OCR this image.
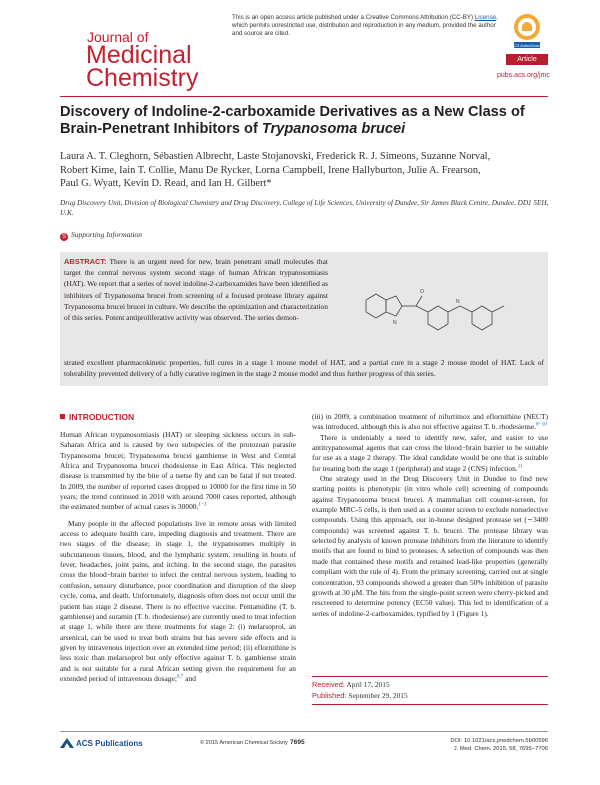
This is an open access article published under a Creative Commons Attribution (CC-BY) License, which permits unrestricted use, distribution and reproduction in any medium, provided the author and source are cited.
ACS AuthorChoice
Journal of
Medicinal
Chemistry
Article
pubs.acs.org/jmc
Discovery of Indoline-2-carboxamide Derivatives as a New Class of
Brain-Penetrant Inhibitors of Trypanosoma brucei
Laura A. T. Cleghorn, Sébastien Albrecht, Laste Stojanovski, Frederick R. J. Simeons, Suzanne Norval,
Robert Kime, Iain T. Collie, Manu De Rycker, Lorna Campbell, Irene Hallyburton, Julie A. Frearson,
Paul G. Wyatt, Kevin D. Read, and Ian H. Gilbert*
Drug Discovery Unit, Division of Biological Chemistry and Drug Discovery, College of Life Sciences, University of Dundee, Sir James Black Centre, Dundee, DD1 5EH, U.K.
S Supporting Information
ABSTRACT: There is an urgent need for new, brain penetrant small molecules that target the central nervous system second stage of human African trypanosomiasis (HAT). We report that a series of novel indoline-2-carboxamides have been identified as inhibitors of Trypanosoma brucei from screening of a focused protease library against Trypanosoma brucei brucei in culture. We describe the optimization and characterization of this series. Potent antiproliferative activity was observed. The series demon-
N
O
N
strated excellent pharmacokinetic properties, full cures in a stage 1 mouse model of HAT, and a partial cure in a stage 2 mouse model of HAT. Lack of tolerability prevented delivery of a fully curative regimen in the stage 2 mouse model and thus further progress of this series.
INTRODUCTION

Human African trypanosomiasis (HAT) or sleeping sickness occurs in sub-Saharan Africa and is caused by two subspecies of the protozoan parasite Trypanosoma brucei; Trypanosoma brucei gambiense in West and Central Africa and Trypanosoma brucei rhodesiense in East Africa. This neglected disease is transmitted by the bite of a tsetse fly and can be fatal if not treated. In 2009, the number of reported cases dropped to 10000 for the first time in 50 years; the trend continued in 2010 with around 7000 cases reported, although the estimated number of actual cases is 30000.$^{1-3}$

Many people in the affected populations live in remote areas with limited access to adequate health care, impeding diagnosis and treatment. There are two stages of the disease; in stage 1, the trypanosomes multiply in subcutaneous tissues, blood, and the lymphatic system, resulting in bouts of fever, headaches, joint pains, and itching. In the second stage, the parasites cross the blood−brain barrier to infect the central nervous system, leading to confusion, sensory disturbance, poor coordination and disruption of the sleep cycle, coma, and death. Unfortunately, diagnosis often does not occur until the patient has stage 2 disease. There is no effective vaccine. Pentamidine (T. b. gambiense) and suramin (T. b. rhodesiense) are currently used to treat infection at stage 1, while there are three treatments for stage 2: (i) melarsoprol, an arsenical, can be used to treat both strains but has severe side effects and is given by intravenous injection over an extended time period; (ii) eflornithine is less toxic than melarsoprol but only effective against T. b. gambiense strain and is not suitable for a rural African setting given the requirement for an extended period of intravenous dosage;$^{6,7}$ and

(iii) in 2009, a combination treatment of nifurtimox and eflornithine (NECT) was introduced, although this is also not effective against T. b. rhodesiense.$^{8-10}$

There is undeniably a need to identify new, safer, and easier to use antitrypanosomal agents that can cross the blood−brain barrier to be suitable for use as a stage 2 therapy. The ideal candidate would be one that is suitable for treating both the stage 1 (peripheral) and stage 2 (CNS) infection.$^{11}$

One strategy used in the Drug Discovery Unit in Dundee to find new starting points is phenotypic (in vitro whole cell) screening of compounds against Trypanosoma brucei brucei. A mammalian cell counter-screen, for example MRC-5 cells, is then used as a counter screen to exclude nonselective compounds. Using this approach, our in-house designed protease set (∼3400 compounds) was screened against T. b. brucei. The protease library was selected by analysis of known protease inhibitors from the literature to identify motifs that are found to bind to proteases. A selection of compounds was then made that contained these motifs and retained lead-like properties (generally compliant with the rule of 4). From the primary screening, carried out at single concentration, 93 compounds showed a greater than 50% inhibition of parasite growth at 30 μM. The hits from the single-point screen were cherry-picked and rescreened to determine potency (EC50 value). This led to identification of a series of indoline-2-carboxamides, typified by 1 (Figure 1).

Received: April 17, 2015
Published: September 29, 2015
ACS Publications	© 2015 American Chemical Society 7695	DOI: 10.1021/acs.jmedchem.5b00596
J. Med. Chem. 2015, 58, 7695−7706
